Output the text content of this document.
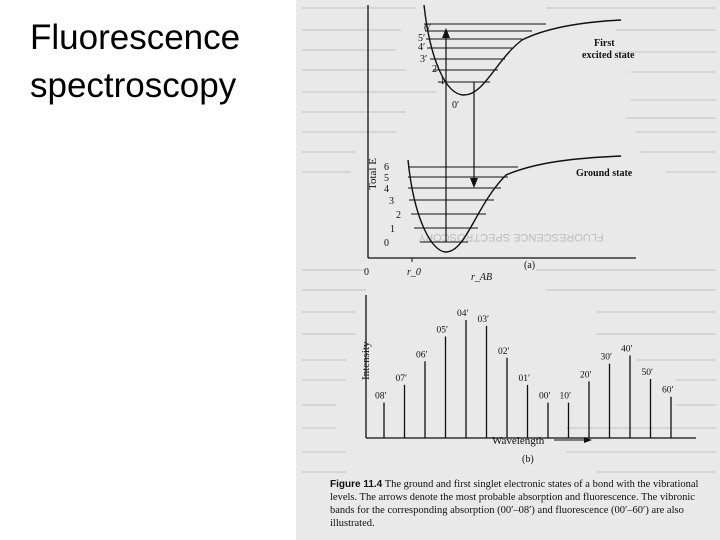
Fluorescence
spectroscopy
FLUORESCENCE SPECTROSCOPY
Total E
0	r_0	r_AB
(a)
0
1
2
3
4
5
6
0′
1′
2′
3′
4′
5′
6′
First
excited state
Ground state
Intensity
Wavelength
(b)
08′
07′
06′
05′
04′
03′
02′
01′
00′ 10′
20′
30′
40′
50′
60′
Figure 11.4 The ground and first singlet electronic states of a bond with the vibrational levels. The arrows denote the most probable absorption and fluorescence. The vibronic bands for the corresponding absorption (00′–08′) and fluorescence (00′–60′) are also illustrated.
